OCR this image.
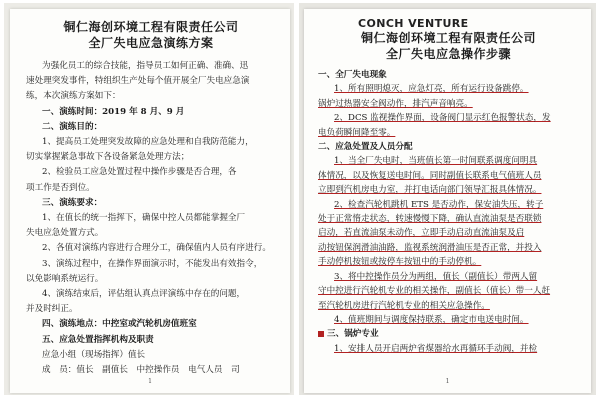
铜仁海创环境工程有限责任公司

全厂失电应急演练方案

为强化员工的综合技能，指导员工如何正确、准确、迅
速处理突发事件，特组织生产处每个值开展全厂失电应急演
练，本次演练方案如下：
一、演练时间：2019 年 8 月、9 月
二、演练目的：
1、提高员工处理突发故障的应急处理和自我防范能力，
切实掌握紧急事故下各设备紧急处理方法；
2、检验员工应急处置过程中操作步骤是否合理，各
项工作是否到位。
三、演练要求：
1、在值长的统一指挥下，确保中控人员都能掌握全厂
失电应急处置方式。
2、各值对演练内容进行合理分工，确保值内人员有序进行。
3、演练过程中，在操作界面演示时，不能发出有效指令，
以免影响系统运行。
4、演练结束后，评估组认真点评演练中存在的问题，
并及时纠正。
四、演练地点：中控室或汽轮机房值班室
五、应急处置指挥机构及职责
应急小组（现场指挥）值长
成　员：值长　副值长　中控操作员　电气人员　司
1
CONCH VENTURE

铜仁海创环境工程有限责任公司

全厂失电应急操作步骤

一、全厂失电现象
1、所有照明熄灭，应急灯亮，所有运行设备跳停。
锅炉过热器安全阀动作，排汽声音响亮。
2、DCS 监视操作界面，设备阀门显示红色报警状态，发
电负荷瞬间降至零。
二、应急处置及人员分配
1、当全厂失电时，当班值长第一时间联系调度问明具
体情况，以及恢复送电时间。同时副值长联系电气值班人员
立即到汽机房电力室，并打电话向部门领导汇报具体情况。
2、检查汽轮机跳机 ETS 是否动作，保安油失压，转子
处于正常惰走状态，转速慢慢下降，确认直流油泵是否联锁
启动，若直流油泵未动作，立即手动启动直流油泵及启
动按钮保润滑油油路，监视系统润滑油压是否正常，并投入
手动停机按钮或按停车按钮中的手动停机。
3、将中控操作员分为两组，值长（副值长）带两人留
守中控进行汽轮机专业的相关操作，副值长（值长）带一人赶
至汽轮机房进行汽轮机专业的相关应急操作。
4、值班期间与调度保持联系，确定市电送电时间。
三、锅炉专业
1、安排人员开启两炉省煤器给水再循环手动阀，并检
1
